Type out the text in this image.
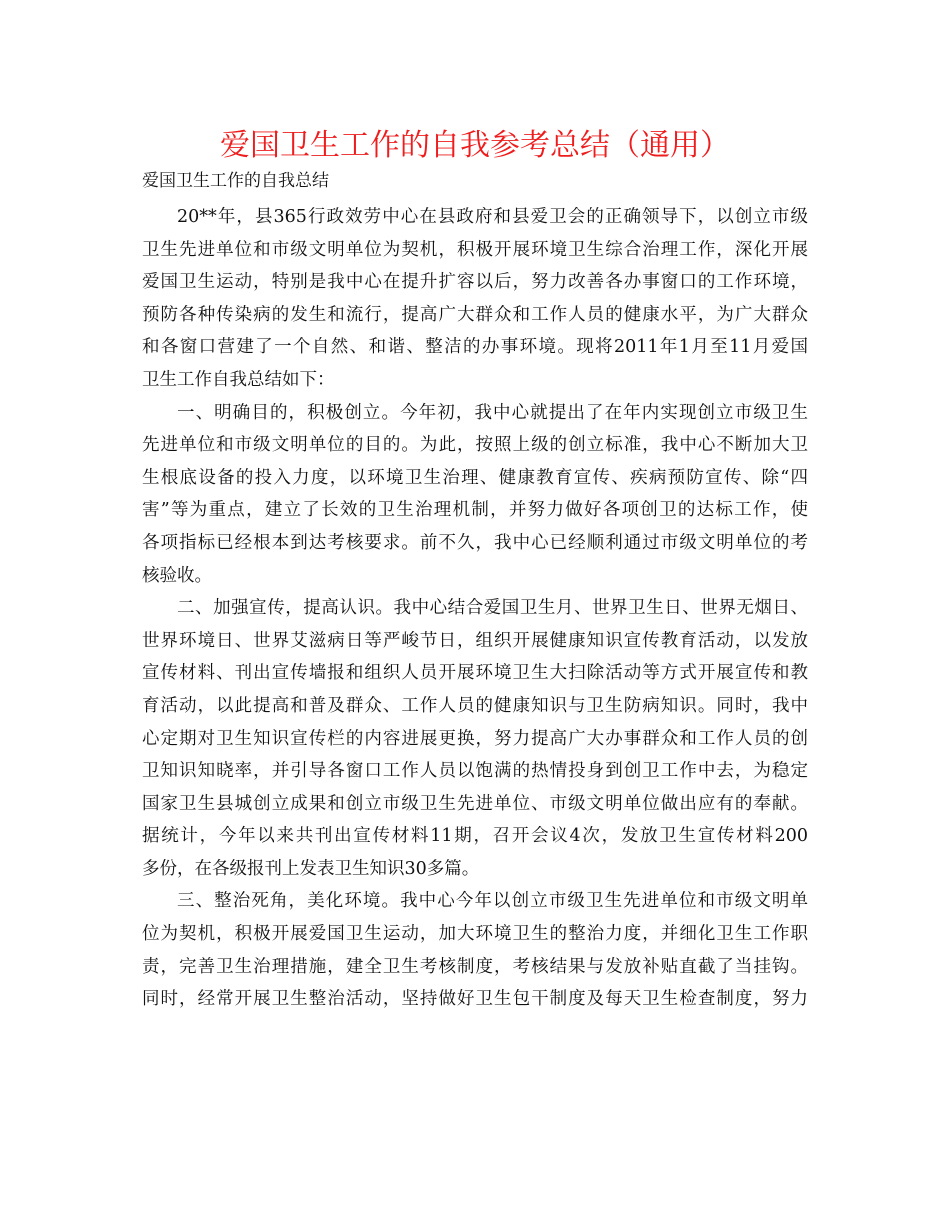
爱国卫生工作的自我参考总结（通用）
爱国卫生工作的自我总结
20**年，县365行政效劳中心在县政府和县爱卫会的正确领导下，以创立市级
卫生先进单位和市级文明单位为契机，积极开展环境卫生综合治理工作，深化开展
爱国卫生运动，特别是我中心在提升扩容以后，努力改善各办事窗口的工作环境，
预防各种传染病的发生和流行，提高广大群众和工作人员的健康水平，为广大群众
和各窗口营建了一个自然、和谐、整洁的办事环境。现将2011年1月至11月爱国
卫生工作自我总结如下：
一、明确目的，积极创立。今年初，我中心就提出了在年内实现创立市级卫生
先进单位和市级文明单位的目的。为此，按照上级的创立标准，我中心不断加大卫
生根底设备的投入力度，以环境卫生治理、健康教育宣传、疾病预防宣传、除“四
害”等为重点，建立了长效的卫生治理机制，并努力做好各项创卫的达标工作，使
各项指标已经根本到达考核要求。前不久，我中心已经顺利通过市级文明单位的考
核验收。
二、加强宣传，提高认识。我中心结合爱国卫生月、世界卫生日、世界无烟日、
世界环境日、世界艾滋病日等严峻节日，组织开展健康知识宣传教育活动，以发放
宣传材料、刊出宣传墙报和组织人员开展环境卫生大扫除活动等方式开展宣传和教
育活动，以此提高和普及群众、工作人员的健康知识与卫生防病知识。同时，我中
心定期对卫生知识宣传栏的内容进展更换，努力提高广大办事群众和工作人员的创
卫知识知晓率，并引导各窗口工作人员以饱满的热情投身到创卫工作中去，为稳定
国家卫生县城创立成果和创立市级卫生先进单位、市级文明单位做出应有的奉献。
据统计，今年以来共刊出宣传材料11期，召开会议4次，发放卫生宣传材料200
多份，在各级报刊上发表卫生知识30多篇。
三、整治死角，美化环境。我中心今年以创立市级卫生先进单位和市级文明单
位为契机，积极开展爱国卫生运动，加大环境卫生的整治力度，并细化卫生工作职
责，完善卫生治理措施，建全卫生考核制度，考核结果与发放补贴直截了当挂钩。
同时，经常开展卫生整治活动，坚持做好卫生包干制度及每天卫生检查制度，努力
